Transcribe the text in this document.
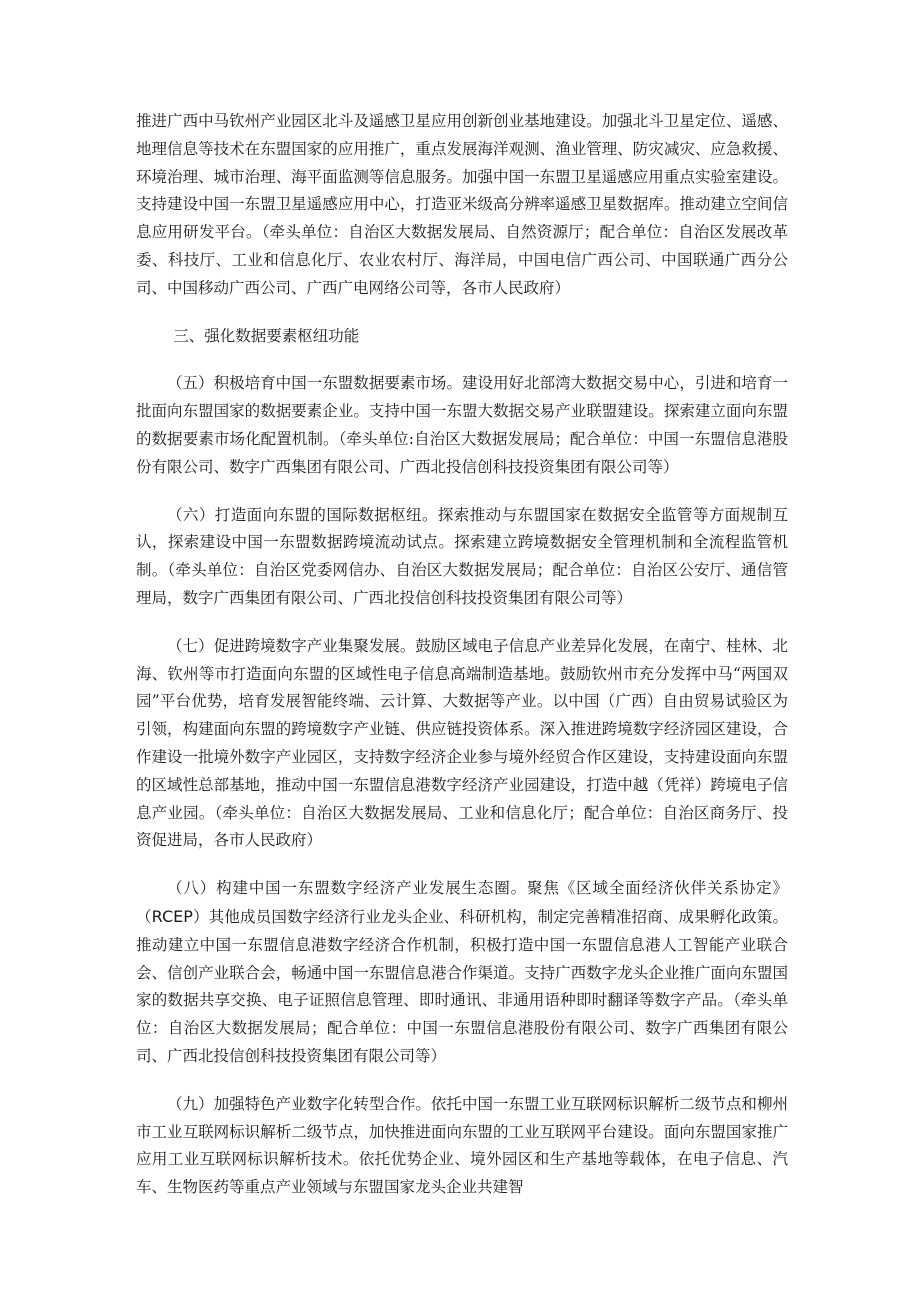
推进广西中马钦州产业园区北斗及遥感卫星应用创新创业基地建设。加强北斗卫星定位、遥感、地理信息等技术在东盟国家的应用推广，重点发展海洋观测、渔业管理、防灾减灾、应急救援、环境治理、城市治理、海平面监测等信息服务。加强中国一东盟卫星遥感应用重点实验室建设。支持建设中国一东盟卫星遥感应用中心，打造亚米级高分辨率遥感卫星数据库。推动建立空间信息应用研发平台。（牵头单位：自治区大数据发展局、自然资源厅；配合单位：自治区发展改革委、科技厅、工业和信息化厅、农业农村厅、海洋局，中国电信广西公司、中国联通广西分公司、中国移动广西公司、广西广电网络公司等，各市人民政府）

三、强化数据要素枢纽功能

（五）积极培育中国一东盟数据要素市场。建设用好北部湾大数据交易中心，引进和培育一批面向东盟国家的数据要素企业。支持中国一东盟大数据交易产业联盟建设。探索建立面向东盟的数据要素市场化配置机制。（牵头单位:自治区大数据发展局；配合单位：中国一东盟信息港股份有限公司、数字广西集团有限公司、广西北投信创科技投资集团有限公司等）

（六）打造面向东盟的国际数据枢纽。探索推动与东盟国家在数据安全监管等方面规制互认，探索建设中国一东盟数据跨境流动试点。探索建立跨境数据安全管理机制和全流程监管机制。（牵头单位：自治区党委网信办、自治区大数据发展局；配合单位：自治区公安厅、通信管理局，数字广西集团有限公司、广西北投信创科技投资集团有限公司等）

（七）促进跨境数字产业集聚发展。鼓励区域电子信息产业差异化发展，在南宁、桂林、北海、钦州等市打造面向东盟的区域性电子信息高端制造基地。鼓励钦州市充分发挥中马“两国双园”平台优势，培育发展智能终端、云计算、大数据等产业。以中国（广西）自由贸易试验区为引领，构建面向东盟的跨境数字产业链、供应链投资体系。深入推进跨境数字经济园区建设，合作建设一批境外数字产业园区，支持数字经济企业参与境外经贸合作区建设，支持建设面向东盟的区域性总部基地，推动中国一东盟信息港数字经济产业园建设，打造中越（凭祥）跨境电子信息产业园。（牵头单位：自治区大数据发展局、工业和信息化厅；配合单位：自治区商务厅、投资促进局，各市人民政府）

（八）构建中国一东盟数字经济产业发展生态圈。聚焦《区域全面经济伙伴关系协定》（RCEP）其他成员国数字经济行业龙头企业、科研机构，制定完善精准招商、成果孵化政策。推动建立中国一东盟信息港数字经济合作机制，积极打造中国一东盟信息港人工智能产业联合会、信创产业联合会，畅通中国一东盟信息港合作渠道。支持广西数字龙头企业推广面向东盟国家的数据共享交换、电子证照信息管理、即时通讯、非通用语种即时翻译等数字产品。（牵头单位：自治区大数据发展局；配合单位：中国一东盟信息港股份有限公司、数字广西集团有限公司、广西北投信创科技投资集团有限公司等）

（九）加强特色产业数字化转型合作。依托中国一东盟工业互联网标识解析二级节点和柳州市工业互联网标识解析二级节点，加快推进面向东盟的工业互联网平台建设。面向东盟国家推广应用工业互联网标识解析技术。依托优势企业、境外园区和生产基地等载体，在电子信息、汽车、生物医药等重点产业领域与东盟国家龙头企业共建智
